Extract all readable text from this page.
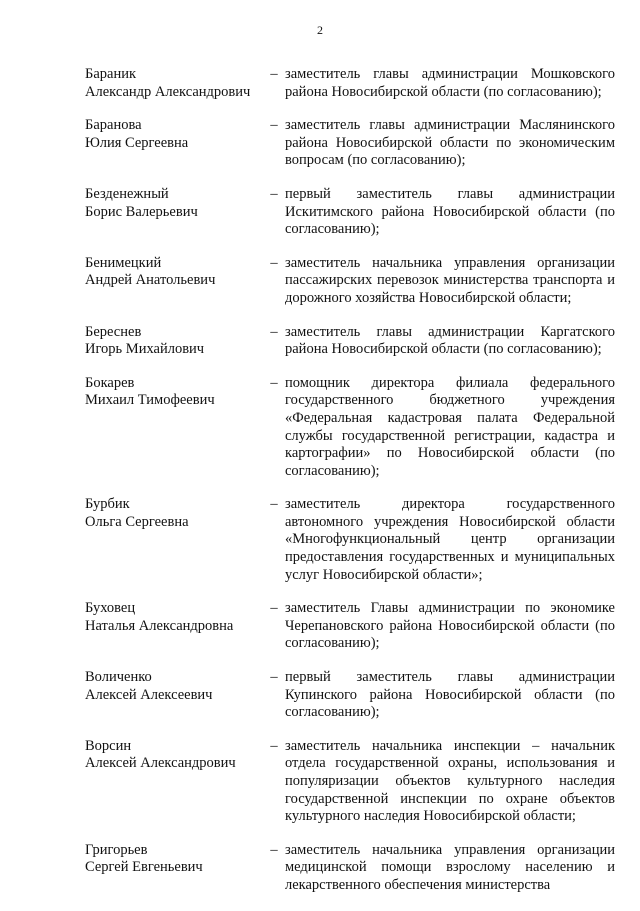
2
Бараник
Александр Александрович
– заместитель главы администрации Мошковского района Новосибирской области (по согласованию);
Баранова
Юлия Сергеевна
– заместитель главы администрации Маслянинского района Новосибирской области по экономическим вопросам (по согласованию);
Безденежный
Борис Валерьевич
– первый заместитель главы администрации Искитимского района Новосибирской области (по согласованию);
Бенимецкий
Андрей Анатольевич
– заместитель начальника управления организации пассажирских перевозок министерства транспорта и дорожного хозяйства Новосибирской области;
Береснев
Игорь Михайлович
– заместитель главы администрации Каргатского района Новосибирской области (по согласованию);
Бокарев
Михаил Тимофеевич
– помощник директора филиала федерального государственного бюджетного учреждения «Федеральная кадастровая палата Федеральной службы государственной регистрации, кадастра и картографии» по Новосибирской области (по согласованию);
Бурбик
Ольга Сергеевна
– заместитель директора государственного автономного учреждения Новосибирской области «Многофункциональный центр организации предоставления государственных и муниципальных услуг Новосибирской области»;
Буховец
Наталья Александровна
– заместитель Главы администрации по экономике Черепановского района Новосибирской области (по согласованию);
Воличенко
Алексей Алексеевич
– первый заместитель главы администрации Купинского района Новосибирской области (по согласованию);
Ворсин
Алексей Александрович
– заместитель начальника инспекции – начальник отдела государственной охраны, использования и популяризации объектов культурного наследия государственной инспекции по охране объектов культурного наследия Новосибирской области;
Григорьев
Сергей Евгеньевич
– заместитель начальника управления организации медицинской помощи взрослому населению и лекарственного обеспечения министерства
